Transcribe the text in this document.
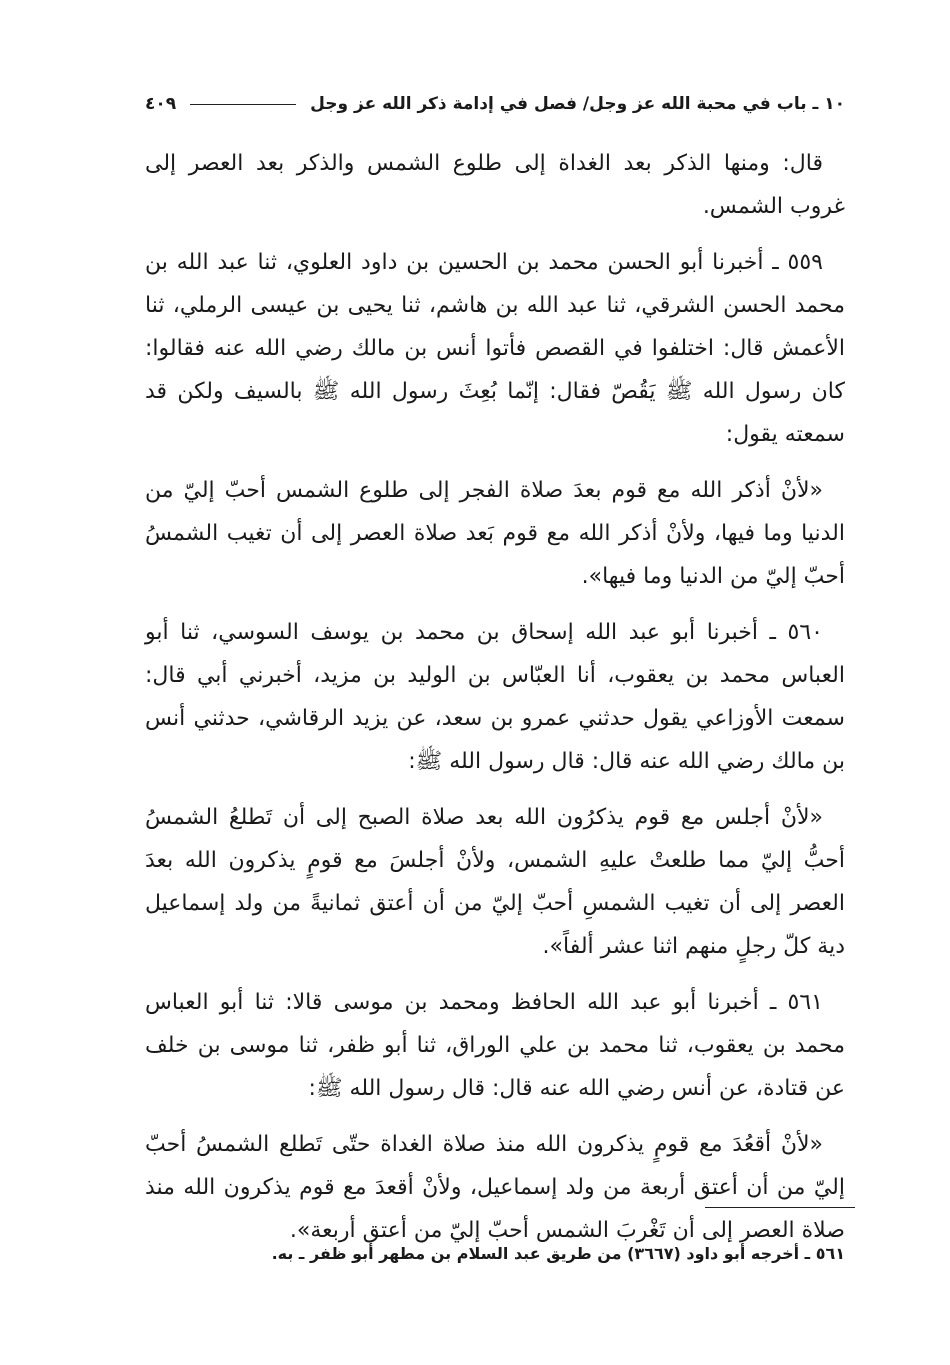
١٠ ـ باب في محبة الله عز وجل/ فصل في إدامة ذكر الله عز وجل
٤٠٩

قال: ومنها الذكر بعد الغداة إلى طلوع الشمس والذكر بعد العصر إلى غروب الشمس.

٥٥٩ ـ أخبرنا أبو الحسن محمد بن الحسين بن داود العلوي، ثنا عبد الله بن محمد الحسن الشرقي، ثنا عبد الله بن هاشم، ثنا يحيى بن عيسى الرملي، ثنا الأعمش قال: اختلفوا في القصص فأتوا أنس بن مالك رضي الله عنه فقالوا: كان رسول الله ﷺ يَقُصّ فقال: إنّما بُعِثَ رسول الله ﷺ بالسيف ولكن قد سمعته يقول:

«لأنْ أذكر الله مع قوم بعدَ صلاة الفجر إلى طلوع الشمس أحبّ إليّ من الدنيا وما فيها، ولأنْ أذكر الله مع قوم بَعد صلاة العصر إلى أن تغيب الشمسُ أحبّ إليّ من الدنيا وما فيها».

٥٦٠ ـ أخبرنا أبو عبد الله إسحاق بن محمد بن يوسف السوسي، ثنا أبو العباس محمد بن يعقوب، أنا العبّاس بن الوليد بن مزيد، أخبرني أبي قال: سمعت الأوزاعي يقول حدثني عمرو بن سعد، عن يزيد الرقاشي، حدثني أنس بن مالك رضي الله عنه قال: قال رسول الله ﷺ:

«لأنْ أجلس مع قوم يذكرُون الله بعد صلاة الصبح إلى أن تَطلعُ الشمسُ أحبُّ إليّ مما طلعتْ عليهِ الشمس، ولأنْ أجلسَ مع قومٍ يذكرون الله بعدَ العصر إلى أن تغيب الشمسِ أحبّ إليّ من أن أعتق ثمانيةً من ولد إسماعيل دية كلّ رجلٍ منهم اثنا عشر ألفاً».

٥٦١ ـ أخبرنا أبو عبد الله الحافظ ومحمد بن موسى قالا: ثنا أبو العباس محمد بن يعقوب، ثنا محمد بن علي الوراق، ثنا أبو ظفر، ثنا موسى بن خلف عن قتادة، عن أنس رضي الله عنه قال: قال رسول الله ﷺ:

«لأنْ أقعُدَ مع قومٍ يذكرون الله منذ صلاة الغداة حتّى تَطلع الشمسُ أحبّ إليّ من أن أعتق أربعة من ولد إسماعيل، ولأنْ أقعدَ مع قوم يذكرون الله منذ صلاة العصر إلى أن تَغْربَ الشمس أحبّ إليّ من أعتق أربعة».

٥٦١ ـ أخرجه أبو داود (٣٦٦٧) من طريق عبد السلام بن مطهر أبو ظفر ـ به.
